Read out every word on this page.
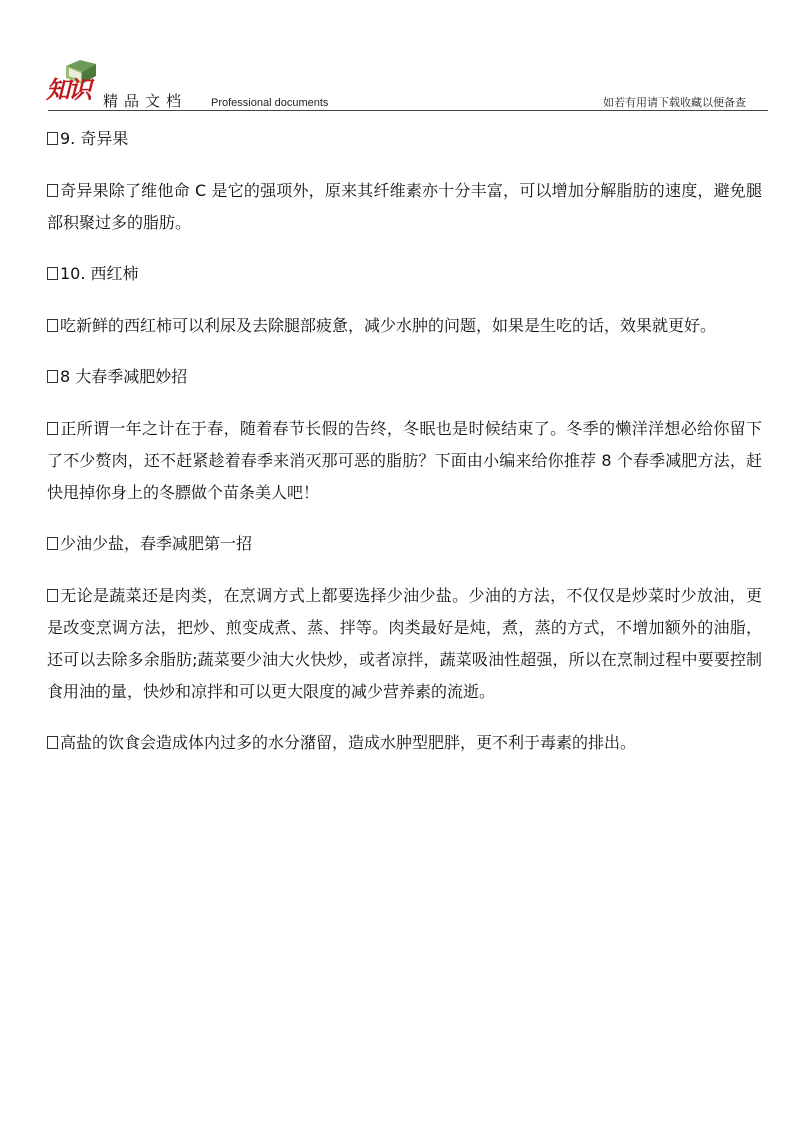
知识 精品文档 Professional documents	如若有用请下载收藏以便备查

9. 奇异果

奇异果除了维他命 C 是它的强项外，原来其纤维素亦十分丰富，可以增加分解脂肪的速度，避免腿部积聚过多的脂肪。

10. 西红柿

吃新鲜的西红柿可以利尿及去除腿部疲惫，减少水肿的问题，如果是生吃的话，效果就更好。

8 大春季减肥妙招

正所谓一年之计在于春，随着春节长假的告终，冬眠也是时候结束了。冬季的懒洋洋想必给你留下了不少赘肉，还不赶紧趁着春季来消灭那可恶的脂肪？下面由小编来给你推荐 8 个春季减肥方法，赶快甩掉你身上的冬膘做个苗条美人吧！

少油少盐，春季减肥第一招

无论是蔬菜还是肉类，在烹调方式上都要选择少油少盐。少油的方法，不仅仅是炒菜时少放油，更是改变烹调方法，把炒、煎变成煮、蒸、拌等。肉类最好是炖，煮，蒸的方式，不增加额外的油脂，还可以去除多余脂肪;蔬菜要少油大火快炒，或者凉拌，蔬菜吸油性超强，所以在烹制过程中要要控制食用油的量，快炒和凉拌和可以更大限度的减少营养素的流逝。

高盐的饮食会造成体内过多的水分潴留，造成水肿型肥胖，更不利于毒素的排出。
